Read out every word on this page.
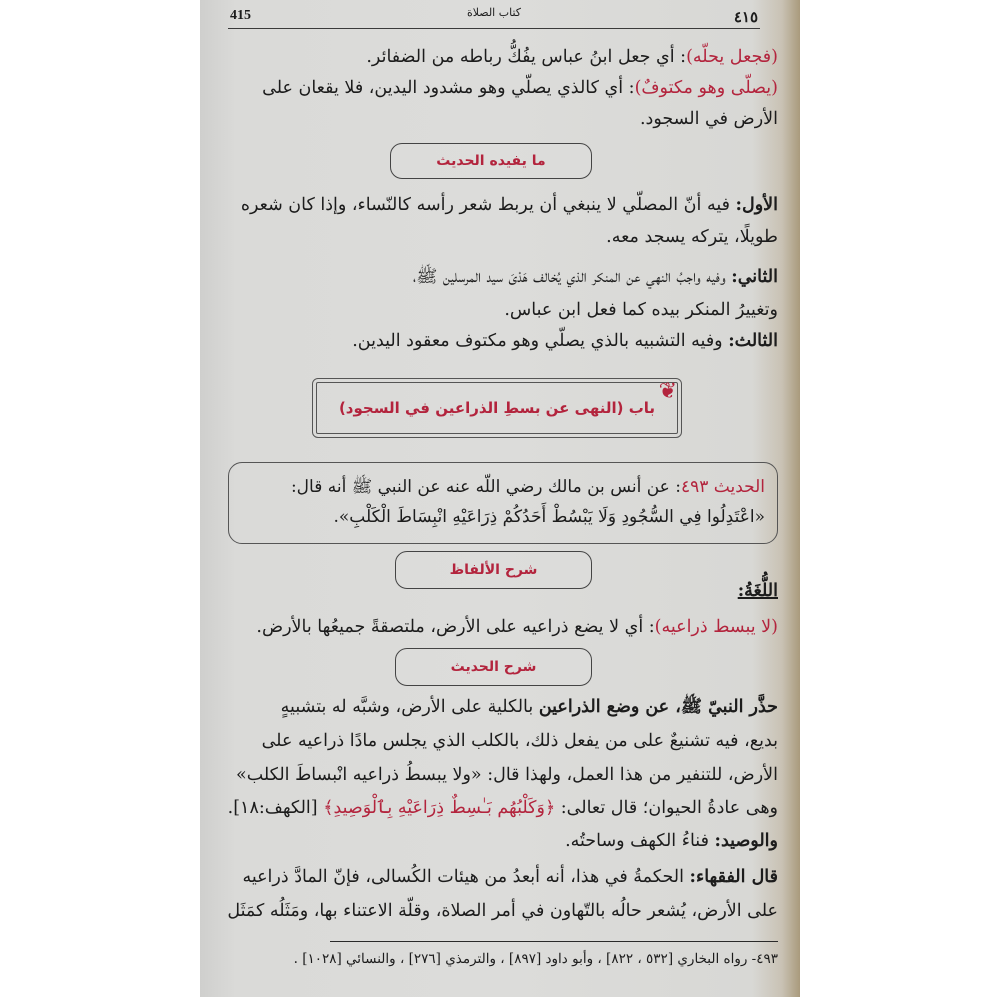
٤١٥
كتاب الصلاة
415
(فجعل يحلّه): أي جعل ابنُ عباس يفُكُّ رباطه من الضفائر.
(يصلّى وهو مكتوفٌ): أي كالذي يصلّي وهو مشدود اليدين، فلا يقعان على
الأرض في السجود.
ما يفيده الحديث
الأول: فيه أنّ المصلّي لا ينبغي أن يربط شعر رأسه كالنّساء، وإذا كان شعره
طويلًا، يتركه يسجد معه.
الثاني: وفيه واجبُ النهي عن المنكر الذي يُخالف هَدْىَ سيد المرسلين ﷺ،
وتغييرُ المنكر بيده كما فعل ابن عباس.
الثالث: وفيه التشبيه بالذي يصلّي وهو مكتوف معقود اليدين.
❦
باب (النهى عن بسطِ الذراعين في السجود)
الحديث ٤٩٣: عن أنس بن مالك رضي اللّه عنه عن النبي ﷺ أنه قال:
«اعْتَدِلُوا فِي السُّجُودِ وَلَا يَبْسُطْ أَحَدُكُمْ ذِرَاعَيْهِ انْبِسَاطَ الْكَلْبِ».
شرح الألفاظ
اللُّغَةُ:
(لا يبسط ذراعيه): أي لا يضع ذراعيه على الأرض، ملتصقةً جميعُها بالأرض.
شرح الحديث
حذَّر النبيّ ﷺ، عن وضع الذراعين بالكلية على الأرض، وشبَّه له بتشبيهٍ
بديع، فيه تشنيعٌ على من يفعل ذلك، بالكلب الذي يجلس مادًا ذراعيه على
الأرض، للتنفير من هذا العمل، ولهذا قال: «ولا يبسطُ ذراعيه انْبساطَ الكلب»
وهى عادةُ الحيوان؛ قال تعالى: ﴿وَكَلْبُهُم بَـٰسِطٌ ذِرَاعَيْهِ بِٱلْوَصِيدِ﴾ [الكهف:١٨].
والوصيد: فناءُ الكهف وساحتُه.
قال الفقهاء: الحكمةُ في هذا، أنه أبعدُ من هيئات الكُسالى، فإنّ المادَّ ذراعيه
على الأرض، يُشعر حالُه بالتّهاون في أمر الصلاة، وقلّة الاعتناء بها، ومَثَلُه كمَثَل
٤٩٣- رواه البخاري [٥٣٢ ، ٨٢٢] ، وأبو داود [٨٩٧] ، والترمذي [٢٧٦] ، والنسائي [١٠٢٨] .
